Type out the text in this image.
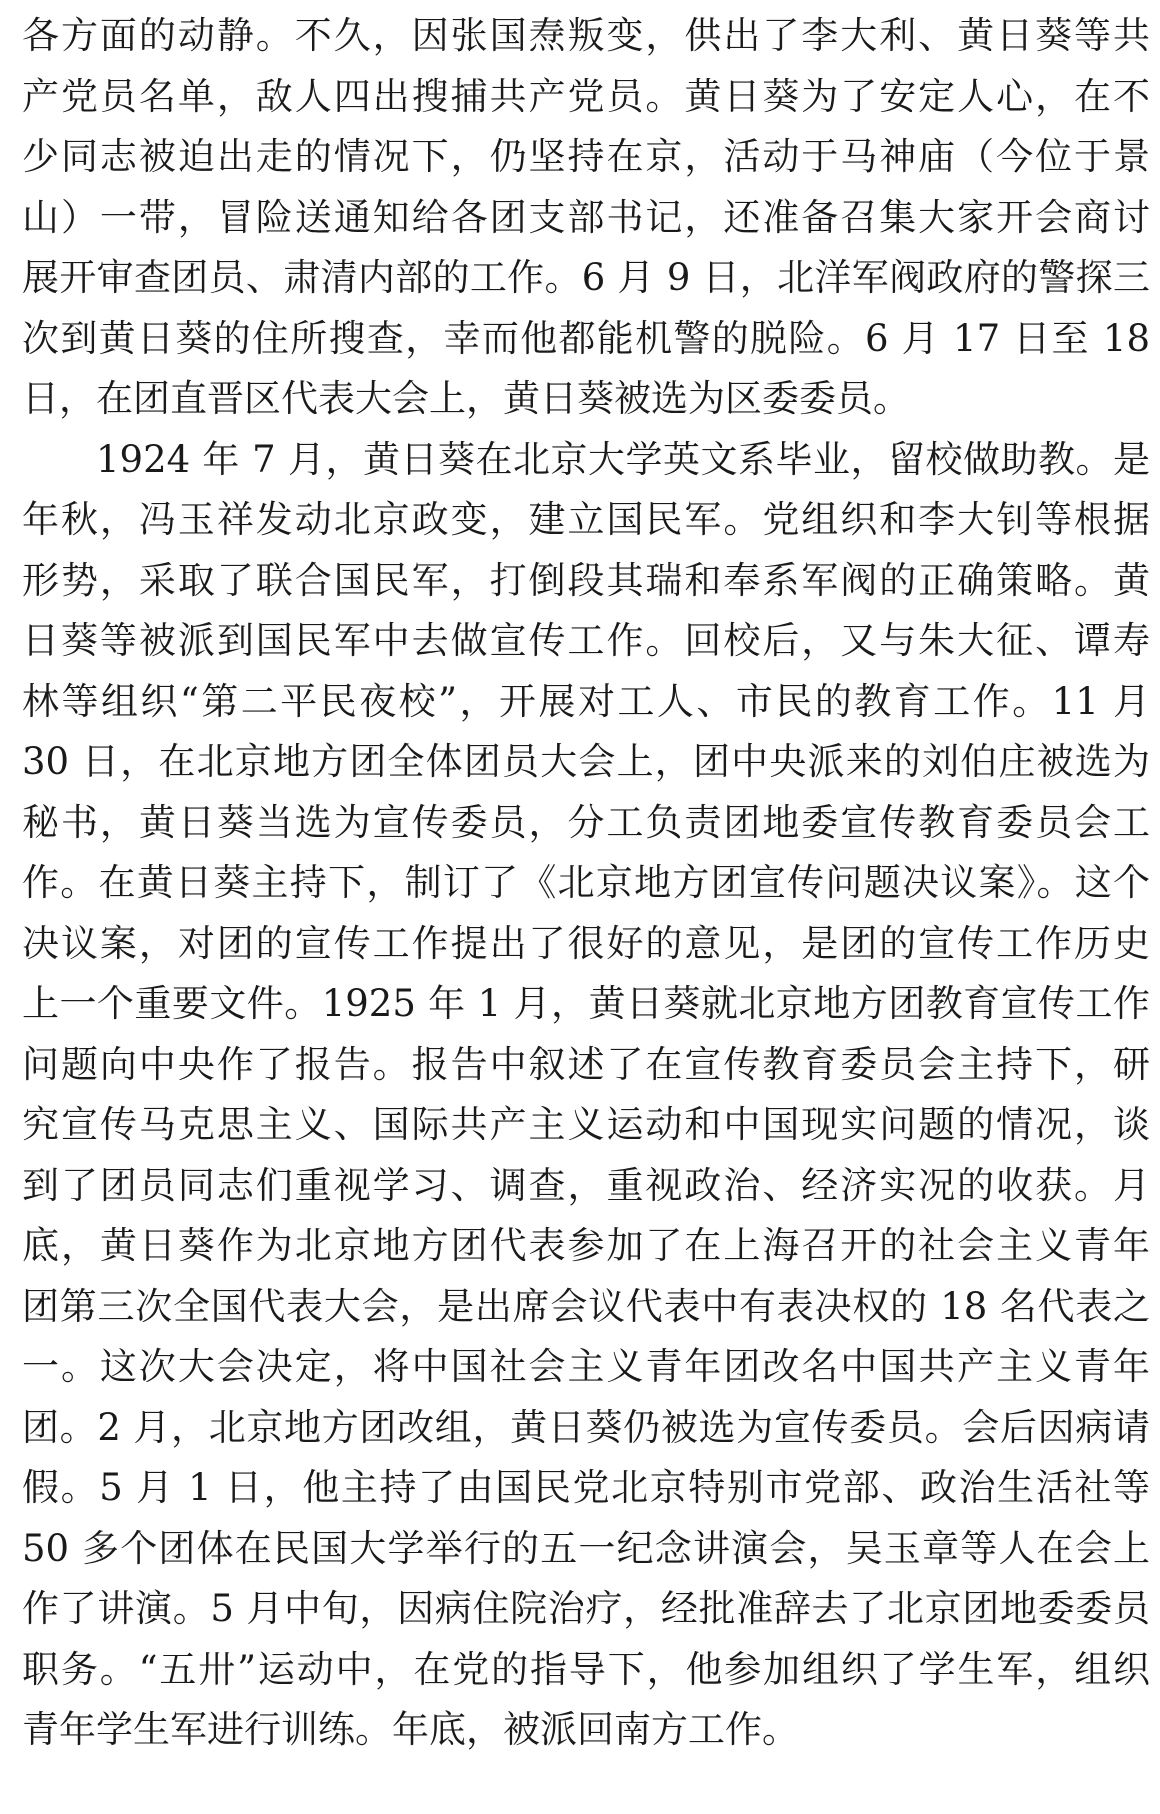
各方面的动静。不久，因张国焘叛变，供出了李大利、黄日葵等共
产党员名单，敌人四出搜捕共产党员。黄日葵为了安定人心，在不
少同志被迫出走的情况下，仍坚持在京，活动于马神庙（今位于景
山）一带，冒险送通知给各团支部书记，还准备召集大家开会商讨
展开审查团员、肃清内部的工作。6 月 9 日，北洋军阀政府的警探三
次到黄日葵的住所搜查，幸而他都能机警的脱险。6 月 17 日至 18
日，在团直晋区代表大会上，黄日葵被选为区委委员。
1924 年 7 月，黄日葵在北京大学英文系毕业，留校做助教。是
年秋，冯玉祥发动北京政变，建立国民军。党组织和李大钊等根据
形势，采取了联合国民军，打倒段其瑞和奉系军阀的正确策略。黄
日葵等被派到国民军中去做宣传工作。回校后，又与朱大征、谭寿
林等组织“第二平民夜校”，开展对工人、市民的教育工作。11 月
30 日，在北京地方团全体团员大会上，团中央派来的刘伯庄被选为
秘书，黄日葵当选为宣传委员，分工负责团地委宣传教育委员会工
作。在黄日葵主持下，制订了《北京地方团宣传问题决议案》。这个
决议案，对团的宣传工作提出了很好的意见，是团的宣传工作历史
上一个重要文件。1925 年 1 月，黄日葵就北京地方团教育宣传工作
问题向中央作了报告。报告中叙述了在宣传教育委员会主持下，研
究宣传马克思主义、国际共产主义运动和中国现实问题的情况，谈
到了团员同志们重视学习、调查，重视政治、经济实况的收获。月
底，黄日葵作为北京地方团代表参加了在上海召开的社会主义青年
团第三次全国代表大会，是出席会议代表中有表决权的 18 名代表之
一。这次大会决定，将中国社会主义青年团改名中国共产主义青年
团。2 月，北京地方团改组，黄日葵仍被选为宣传委员。会后因病请
假。5 月 1 日，他主持了由国民党北京特别市党部、政治生活社等
50 多个团体在民国大学举行的五一纪念讲演会，吴玉章等人在会上
作了讲演。5 月中旬，因病住院治疗，经批准辞去了北京团地委委员
职务。“五卅”运动中，在党的指导下，他参加组织了学生军，组织
青年学生军进行训练。年底，被派回南方工作。
